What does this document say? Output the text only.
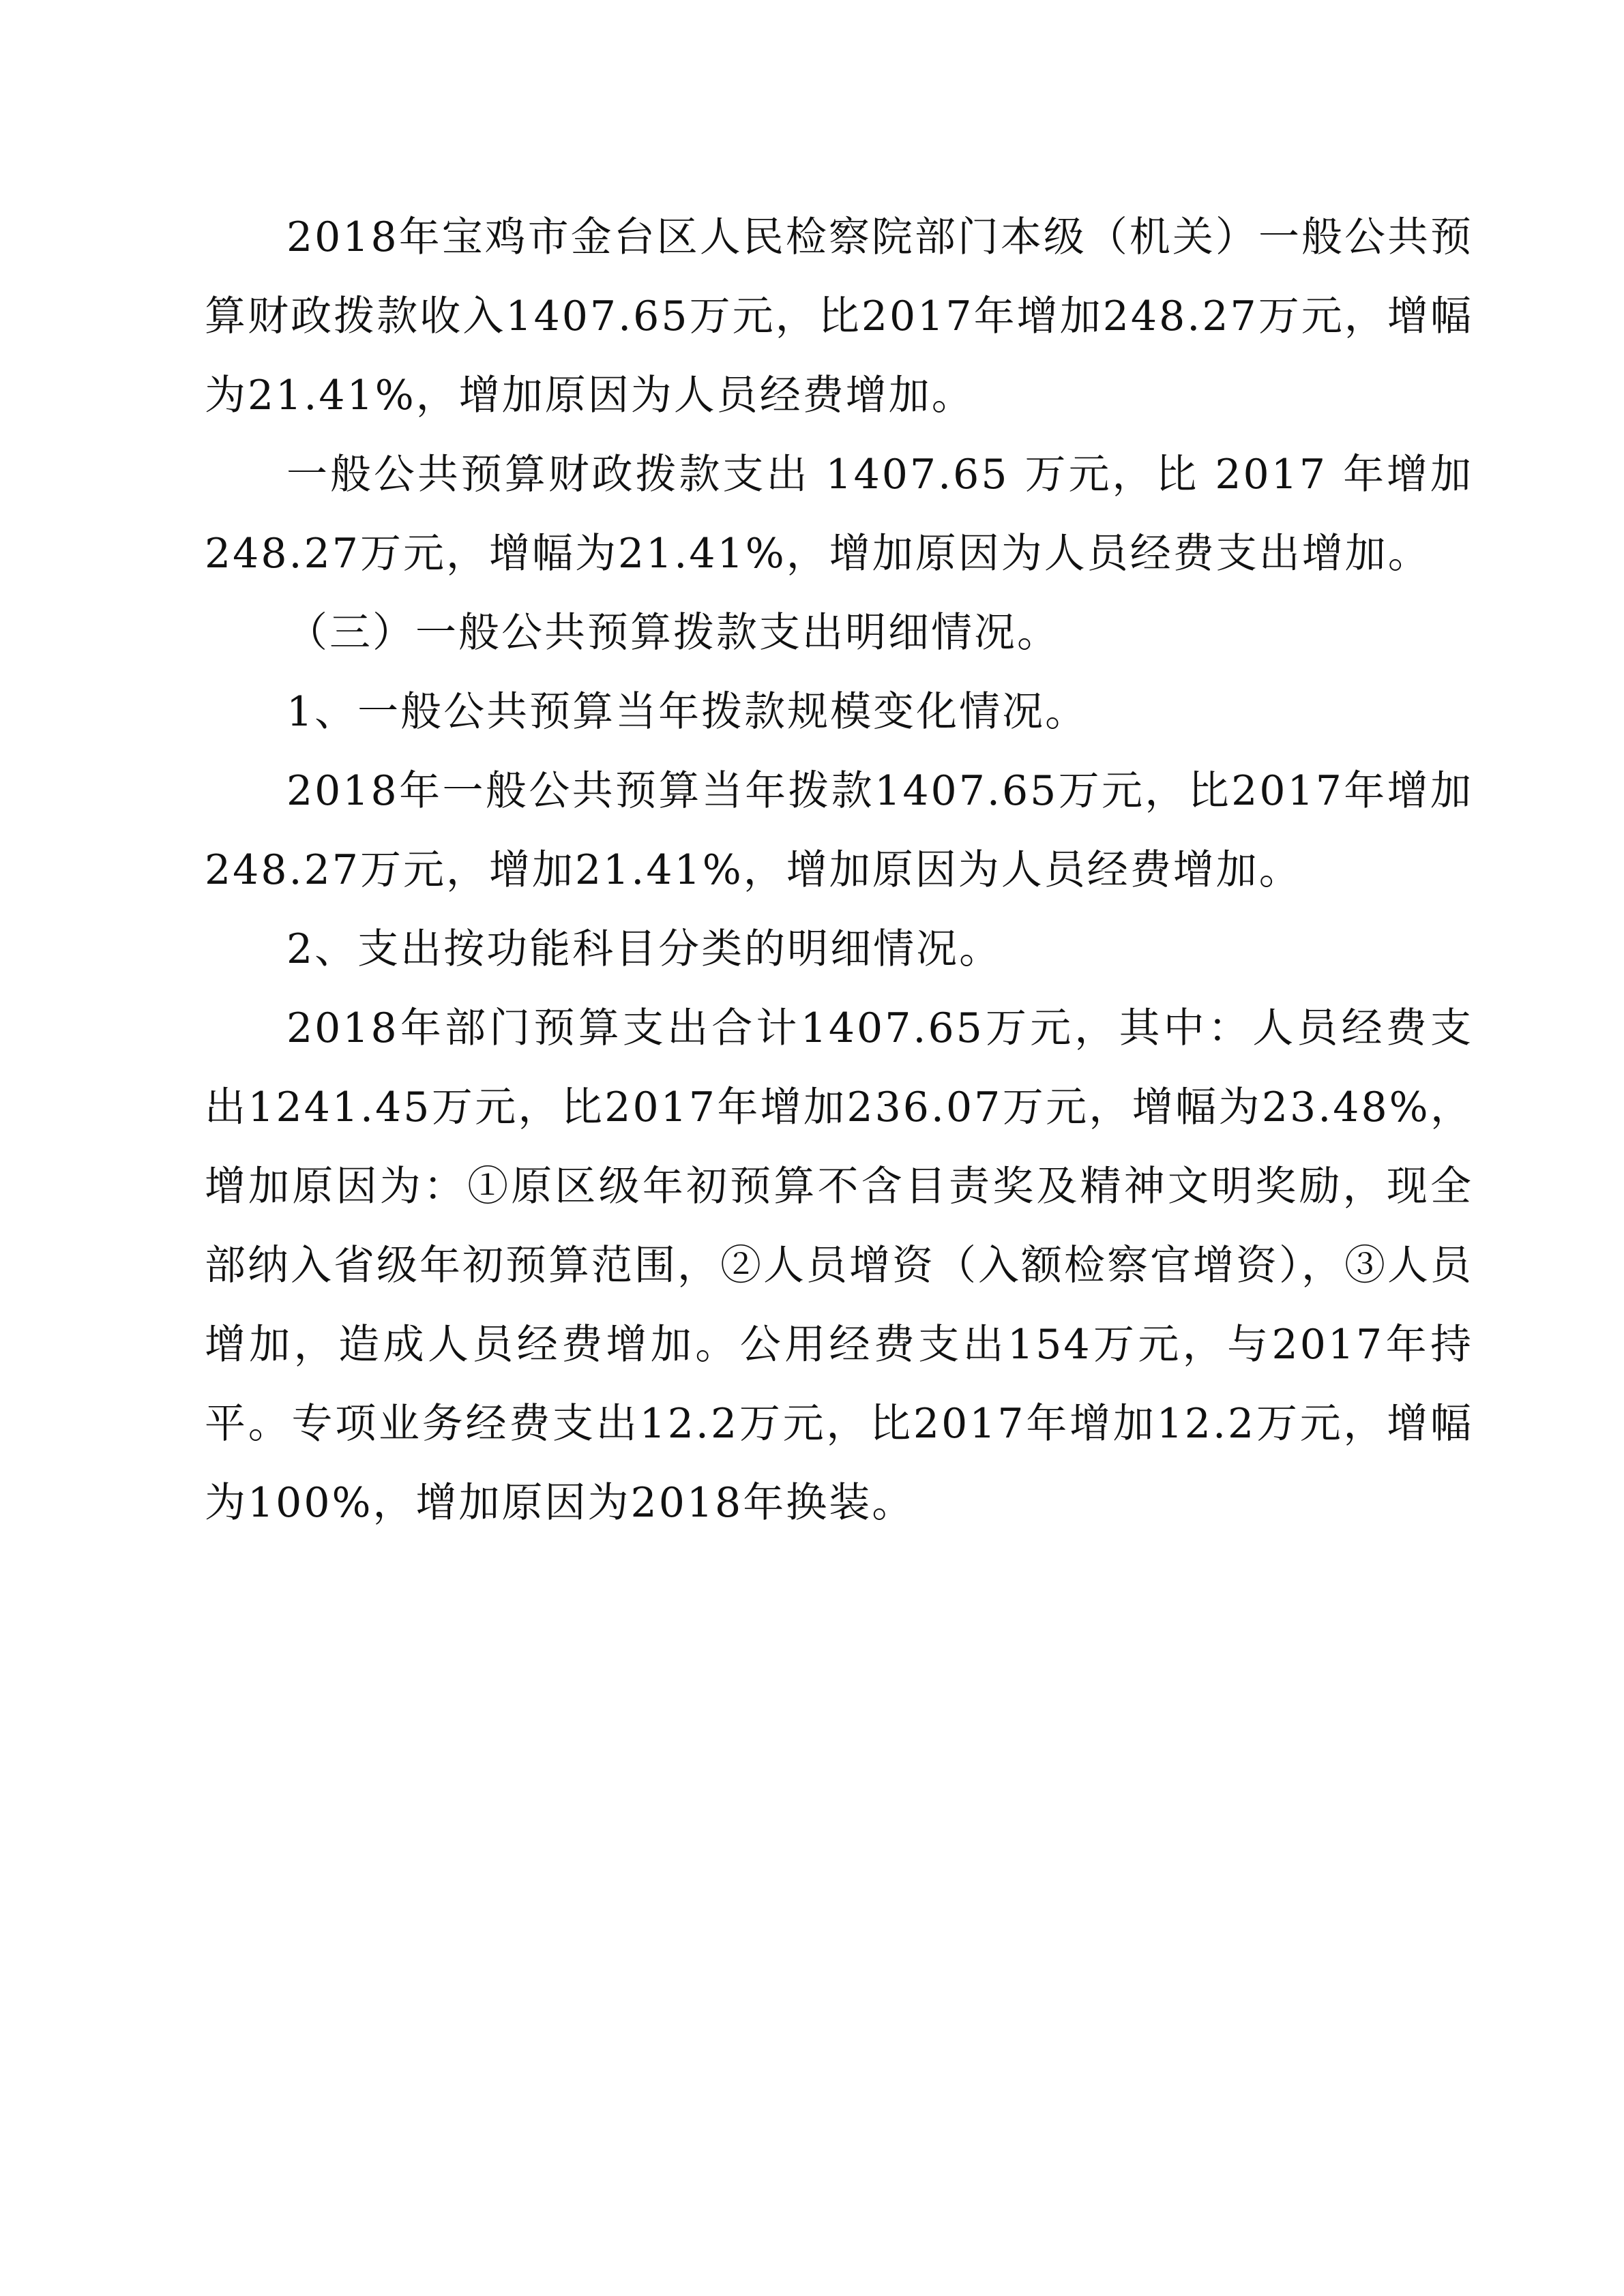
2018年宝鸡市金台区人民检察院部门本级（机关）一般公共预算财政拨款收入1407.65万元，比2017年增加248.27万元，增幅为21.41%，增加原因为人员经费增加。

一般公共预算财政拨款支出 1407.65 万元，比 2017 年增加248.27万元，增幅为21.41%，增加原因为人员经费支出增加。

（三）一般公共预算拨款支出明细情况。

1、一般公共预算当年拨款规模变化情况。

2018年一般公共预算当年拨款1407.65万元，比2017年增加248.27万元，增加21.41%，增加原因为人员经费增加。

2、支出按功能科目分类的明细情况。

2018年部门预算支出合计1407.65万元，其中：人员经费支出1241.45万元，比2017年增加236.07万元，增幅为23.48%，增加原因为：①原区级年初预算不含目责奖及精神文明奖励，现全部纳入省级年初预算范围，②人员增资（入额检察官增资），③人员增加，造成人员经费增加。公用经费支出154万元，与2017年持平。专项业务经费支出12.2万元，比2017年增加12.2万元，增幅为100%，增加原因为2018年换装。
